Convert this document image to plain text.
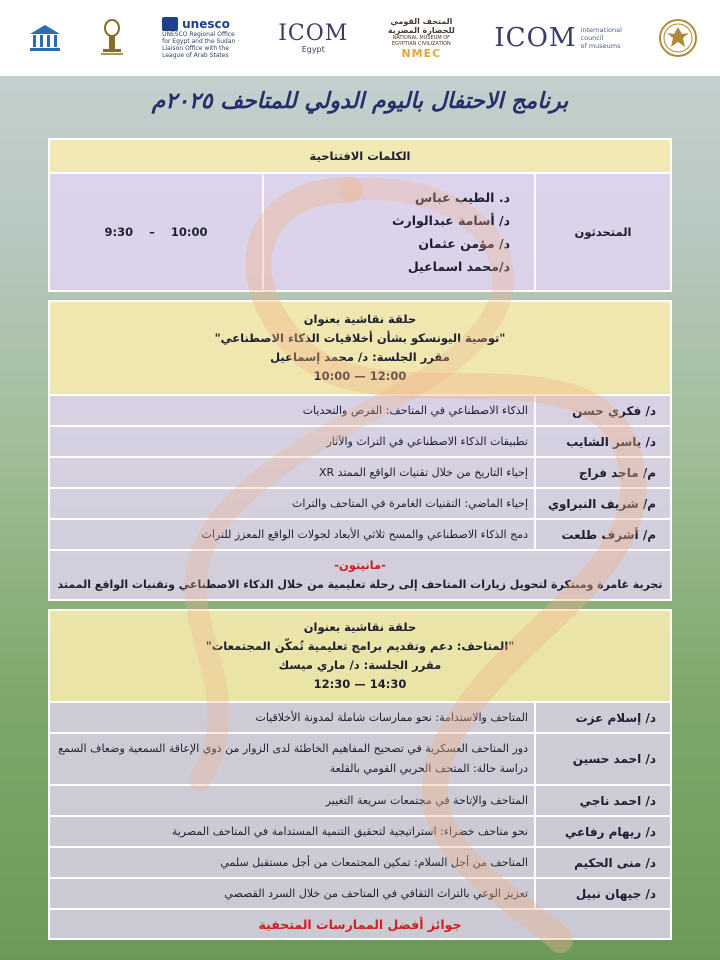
unesco
UNESCO Regional Office for Egypt and the Sudan · Liaison Office with the League of Arab States
ICOM
Egypt
المتحف القومي
للحضارة المصرية
NATIONAL MUSEUM OF EGYPTIAN CIVILIZATION
NMEC ICOM international
council
of museums
برنامج الاحتفال باليوم الدولي للمتاحف ٢٠٢٥م
الكلمات الافتتاحية
المتحدثون	
د. الطيب عباس
د/ أسامة عبدالوارث
د/ مؤمن عثمان
د/محمد اسماعيل
	9:30 – 10:00

حلقة نقاشية بعنوان
"توصية اليونسكو بشأن أخلاقيات الذكاء الاصطناعي"
مقرر الجلسة: د/ محمد إسماعيل
12:00 — 10:00

د/ فكري حسن	الذكاء الاصطناعي في المتاحف: الفرص والتحديات
د/ ياسر الشايب	تطبيقات الذكاء الاصطناعي في التراث والآثار
م/ ماجد فراج	إحياء التاريخ من خلال تقنيات الواقع الممتد XR
م/ شريف النبراوي	إحياء الماضي: التقنيات الغامرة في المتاحف والتراث
م/ أشرف طلعت	دمج الذكاء الاصطناعي والمسح ثلاثي الأبعاد لجولات الواقع المعزز للتراث

-مانيتون-
تجربة غامرة ومبتكرة لتحويل زيارات المتاحف إلى رحلة تعليمية من خلال الذكاء الاصطناعي وتقنيات الواقع الممتد

حلقة نقاشية بعنوان
"المتاحف: دعم وتقديم برامج تعليمية تُمكّن المجتمعات"
مقرر الجلسة: د/ ماري ميسك
14:30 — 12:30

د/ إسلام عزت	المتاحف والاستدامة: نحو ممارسات شاملة لمدونة الأخلاقيات
د/ احمد حسين	دور المتاحف العسكرية في تصحيح المفاهيم الخاطئة لدى الزوار من ذوي الإعاقة السمعية وضعاف السمع دراسة حالة: المتحف الحربي القومي بالقلعة
د/ احمد ناجي	المتاحف والإتاحة في مجتمعات سريعة التغيير
د/ ريهام رفاعي	نحو متاحف خضراء: استراتيجية لتحقيق التنمية المستدامة في المتاحف المصرية
د/ منى الحكيم	المتاحف من أجل السلام: تمكين المجتمعات من أجل مستقبل سلمي
د/ جيهان نبيل	تعزيز الوعي بالتراث الثقافي في المتاحف من خلال السرد القصصي
جوائز أفضل الممارسات المتحفية
